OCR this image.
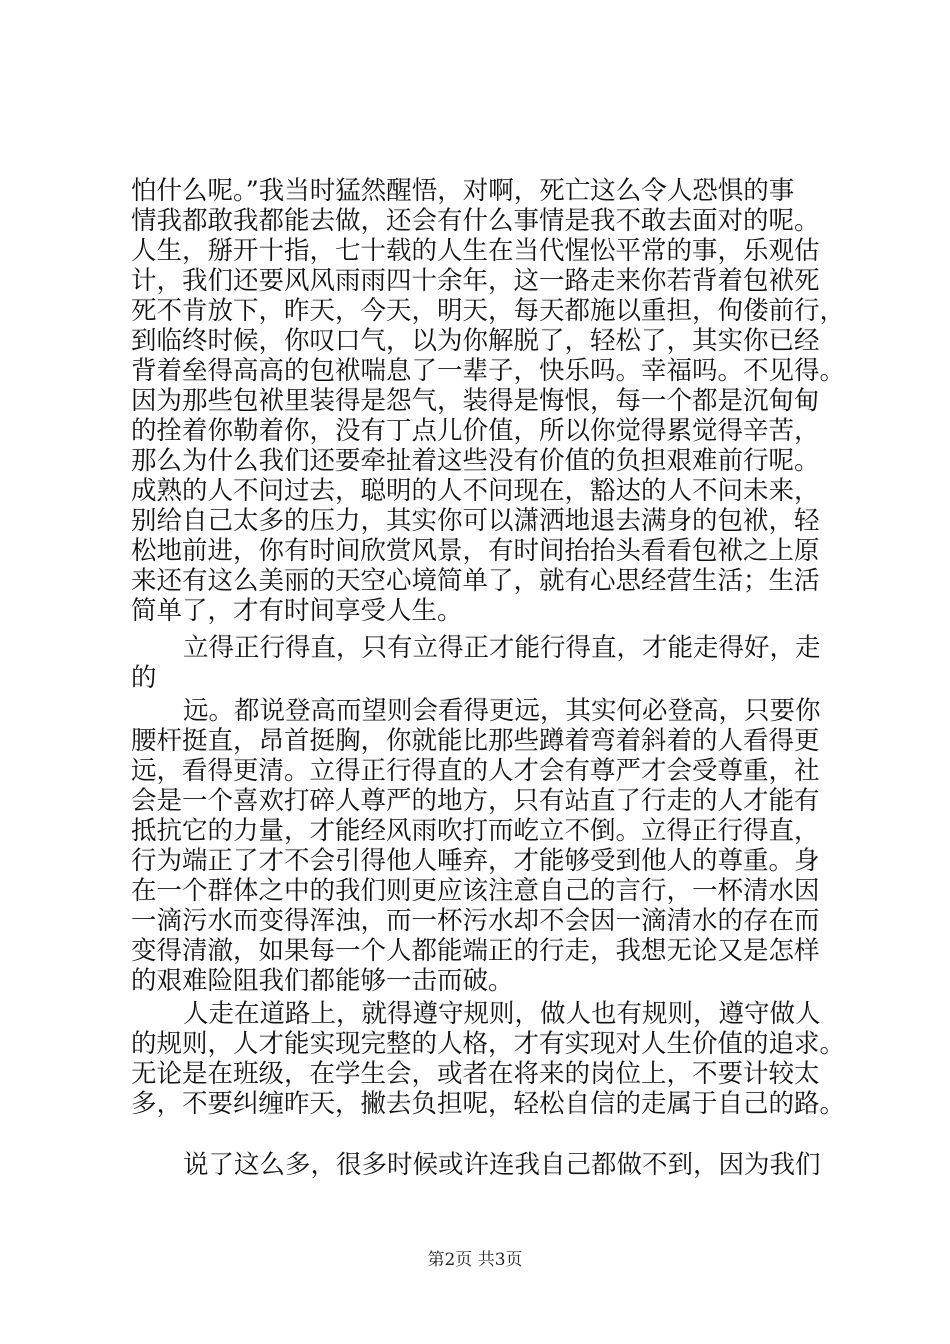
怕什么呢。”我当时猛然醒悟，对啊，死亡这么令人恐惧的事
情我都敢我都能去做，还会有什么事情是我不敢去面对的呢。
人生，掰开十指，七十载的人生在当代惺忪平常的事，乐观估
计，我们还要风风雨雨四十余年，这一路走来你若背着包袱死
死不肯放下，昨天，今天，明天，每天都施以重担，佝偻前行，
到临终时候，你叹口气，以为你解脱了，轻松了，其实你已经
背着垒得高高的包袱喘息了一辈子，快乐吗。幸福吗。不见得。
因为那些包袱里装得是怨气，装得是悔恨，每一个都是沉甸甸
的拴着你勒着你，没有丁点儿价值，所以你觉得累觉得辛苦，
那么为什么我们还要牵扯着这些没有价值的负担艰难前行呢。
成熟的人不问过去，聪明的人不问现在，豁达的人不问未来，
别给自己太多的压力，其实你可以潇洒地退去满身的包袱，轻
松地前进，你有时间欣赏风景，有时间抬抬头看看包袱之上原
来还有这么美丽的天空心境简单了，就有心思经营生活；生活
简单了，才有时间享受人生。
立得正行得直，只有立得正才能行得直，才能走得好，走
的
远。都说登高而望则会看得更远，其实何必登高，只要你
腰杆挺直，昂首挺胸，你就能比那些蹲着弯着斜着的人看得更
远，看得更清。立得正行得直的人才会有尊严才会受尊重，社
会是一个喜欢打碎人尊严的地方，只有站直了行走的人才能有
抵抗它的力量，才能经风雨吹打而屹立不倒。立得正行得直，
行为端正了才不会引得他人唾弃，才能够受到他人的尊重。身
在一个群体之中的我们则更应该注意自己的言行，一杯清水因
一滴污水而变得浑浊，而一杯污水却不会因一滴清水的存在而
变得清澈，如果每一个人都能端正的行走，我想无论又是怎样
的艰难险阻我们都能够一击而破。
人走在道路上，就得遵守规则，做人也有规则，遵守做人
的规则，人才能实现完整的人格，才有实现对人生价值的追求。
无论是在班级，在学生会，或者在将来的岗位上，不要计较太
多，不要纠缠昨天，撇去负担呢，轻松自信的走属于自己的路。
说了这么多，很多时候或许连我自己都做不到，因为我们
第2页 共3页
